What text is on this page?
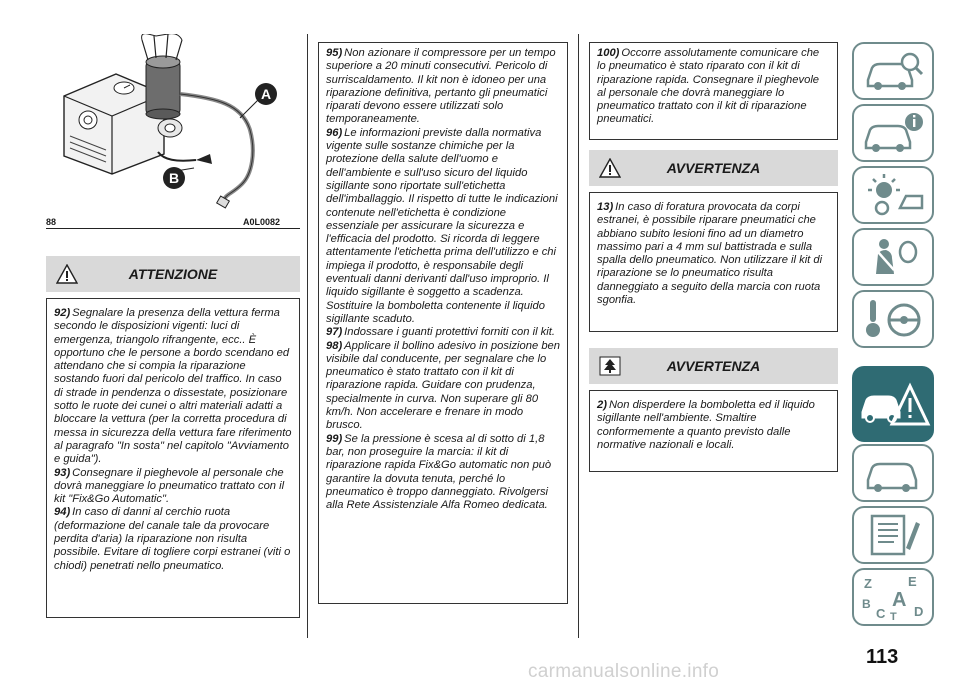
A
B
88	A0L0082
ATTENZIONE

92) Segnalare la presenza della vettura ferma secondo le disposizioni vigenti: luci di emergenza, triangolo rifrangente, ecc.. È opportuno che le persone a bordo scendano ed attendano che si compia la riparazione sostando fuori dal pericolo del traffico. In caso di strade in pendenza o dissestate, posizionare sotto le ruote dei cunei o altri materiali adatti a bloccare la vettura (per la corretta procedura di messa in sicurezza della vettura fare riferimento al paragrafo "In sosta" nel capitolo "Avviamento e guida").

93) Consegnare il pieghevole al personale che dovrà maneggiare lo pneumatico trattato con il kit "Fix&Go Automatic".

94) In caso di danni al cerchio ruota (deformazione del canale tale da provocare perdita d'aria) la riparazione non risulta possibile. Evitare di togliere corpi estranei (viti o chiodi) penetrati nello pneumatico.

95) Non azionare il compressore per un tempo superiore a 20 minuti consecutivi. Pericolo di surriscaldamento. Il kit non è idoneo per una riparazione definitiva, pertanto gli pneumatici riparati devono essere utilizzati solo temporaneamente.

96) Le informazioni previste dalla normativa vigente sulle sostanze chimiche per la protezione della salute dell'uomo e dell'ambiente e sull'uso sicuro del liquido sigillante sono riportate sull'etichetta dell'imballaggio. Il rispetto di tutte le indicazioni contenute nell'etichetta è condizione essenziale per assicurare la sicurezza e l'efficacia del prodotto. Si ricorda di leggere attentamente l'etichetta prima dell'utilizzo e chi impiega il prodotto, è responsabile degli eventuali danni derivanti dall'uso improprio. Il liquido sigillante è soggetto a scadenza. Sostituire la bomboletta contenente il liquido sigillante scaduto.

97) Indossare i guanti protettivi forniti con il kit.

98) Applicare il bollino adesivo in posizione ben visibile dal conducente, per segnalare che lo pneumatico è stato trattato con il kit di riparazione rapida. Guidare con prudenza, specialmente in curva. Non superare gli 80 km/h. Non accelerare e frenare in modo brusco.

99) Se la pressione è scesa al di sotto di 1,8 bar, non proseguire la marcia: il kit di riparazione rapida Fix&Go automatic non può garantire la dovuta tenuta, perché lo pneumatico è troppo danneggiato. Rivolgersi alla Rete Assistenziale Alfa Romeo dedicata.

100) Occorre assolutamente comunicare che lo pneumatico è stato riparato con il kit di riparazione rapida. Consegnare il pieghevole al personale che dovrà maneggiare lo pneumatico trattato con il kit di riparazione pneumatici.

AVVERTENZA

13) In caso di foratura provocata da corpi estranei, è possibile riparare pneumatici che abbiano subito lesioni fino ad un diametro massimo pari a 4 mm sul battistrada e sulla spalla dello pneumatico. Non utilizzare il kit di riparazione se lo pneumatico risulta danneggiato a seguito della marcia con ruota sgonfia.

AVVERTENZA

2) Non disperdere la bomboletta ed il liquido sigillante nell'ambiente. Smaltire conformemente a quanto previsto dalle normative nazionali e locali.

Z	E
B A
C D
T
113
carmanualsonline.info
